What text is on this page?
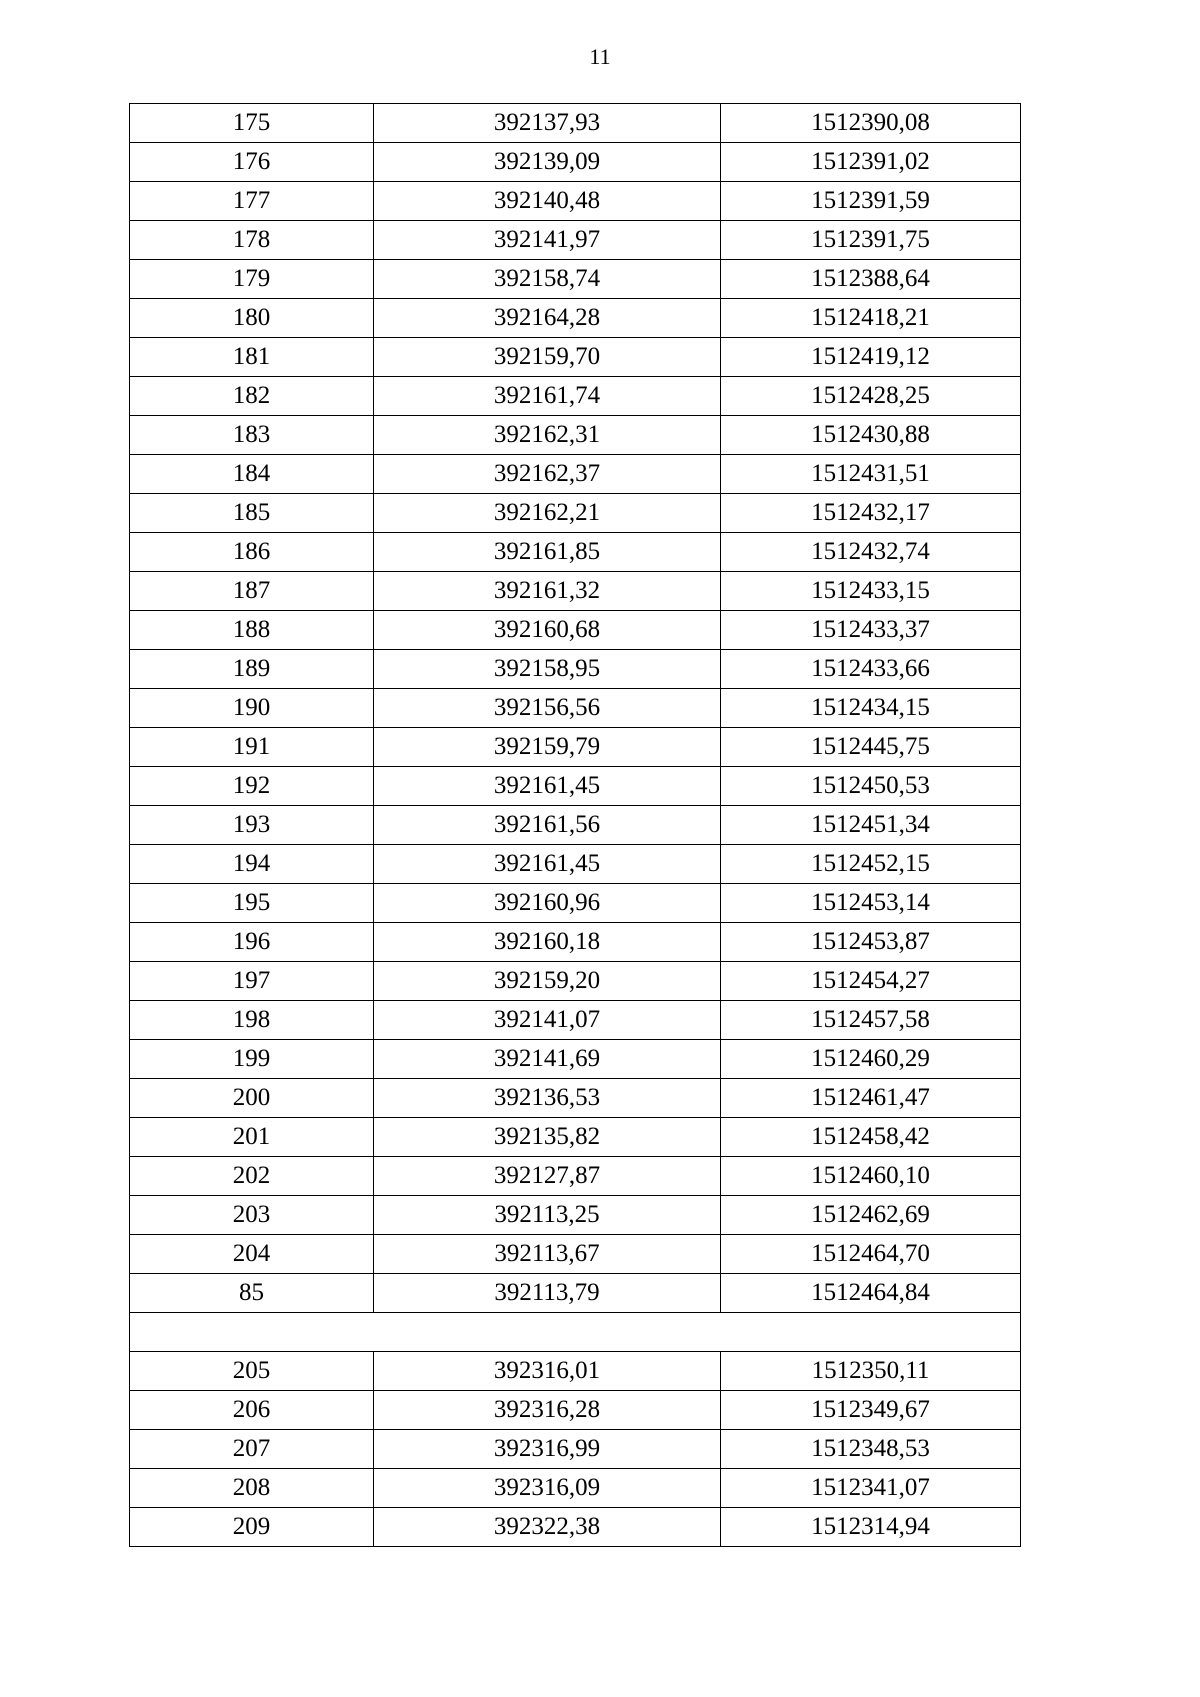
11
175	392137,93	1512390,08
176	392139,09	1512391,02
177	392140,48	1512391,59
178	392141,97	1512391,75
179	392158,74	1512388,64
180	392164,28	1512418,21
181	392159,70	1512419,12
182	392161,74	1512428,25
183	392162,31	1512430,88
184	392162,37	1512431,51
185	392162,21	1512432,17
186	392161,85	1512432,74
187	392161,32	1512433,15
188	392160,68	1512433,37
189	392158,95	1512433,66
190	392156,56	1512434,15
191	392159,79	1512445,75
192	392161,45	1512450,53
193	392161,56	1512451,34
194	392161,45	1512452,15
195	392160,96	1512453,14
196	392160,18	1512453,87
197	392159,20	1512454,27
198	392141,07	1512457,58
199	392141,69	1512460,29
200	392136,53	1512461,47
201	392135,82	1512458,42
202	392127,87	1512460,10
203	392113,25	1512462,69
204	392113,67	1512464,70
85	392113,79	1512464,84

205	392316,01	1512350,11
206	392316,28	1512349,67
207	392316,99	1512348,53
208	392316,09	1512341,07
209	392322,38	1512314,94
